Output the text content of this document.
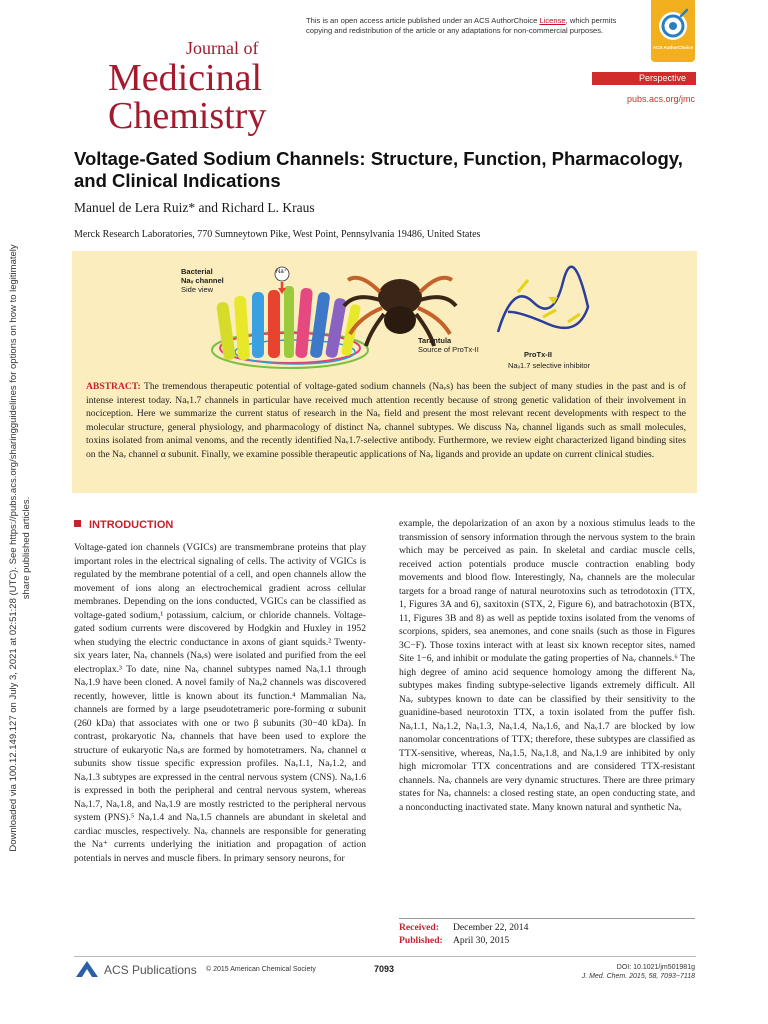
Downloaded via 100.12.149.127 on July 3, 2021 at 02:51:28 (UTC). See https://pubs.acs.org/sharingguidelines for options on how to legitimately share published articles.
This is an open access article published under an ACS AuthorChoice License, which permits copying and redistribution of the article or any adaptations for non-commercial purposes.
Journal of
Medicinal
Chemistry
ACS AuthorChoice
Perspective
pubs.acs.org/jmc
Voltage-Gated Sodium Channels: Structure, Function, Pharmacology, and Clinical Indications
Manuel de Lera Ruiz* and Richard L. Kraus
Merck Research Laboratories, 770 Sumneytown Pike, West Point, Pennsylvania 19486, United States
Bacterial
Naᵥ channel
Side view
Na⁺
Tarantula
Source of ProTx-II
ProTx-II
Naᵥ1.7 selective inhibitor
ABSTRACT: The tremendous therapeutic potential of voltage-gated sodium channels (Naᵥs) has been the subject of many studies in the past and is of intense interest today. Naᵥ1.7 channels in particular have received much attention recently because of strong genetic validation of their involvement in nociception. Here we summarize the current status of research in the Naᵥ field and present the most relevant recent developments with respect to the molecular structure, general physiology, and pharmacology of distinct Naᵥ channel subtypes. We discuss Naᵥ channel ligands such as small molecules, toxins isolated from animal venoms, and the recently identified Naᵥ1.7-selective antibody. Furthermore, we review eight characterized ligand binding sites on the Naᵥ channel α subunit. Finally, we examine possible therapeutic applications of Naᵥ ligands and provide an update on current clinical studies.
INTRODUCTION
Voltage-gated ion channels (VGICs) are transmembrane proteins that play important roles in the electrical signaling of cells. The activity of VGICs is regulated by the membrane potential of a cell, and open channels allow the movement of ions along an electrochemical gradient across cellular membranes. Depending on the ions conducted, VGICs can be classified as voltage-gated sodium,¹ potassium, calcium, or chloride channels. Voltage-gated sodium currents were discovered by Hodgkin and Huxley in 1952 when studying the electric conductance in axons of giant squids.² Twenty-six years later, Naᵥ channels (Naᵥs) were isolated and purified from the eel electroplax.³ To date, nine Naᵥ channel subtypes named Naᵥ1.1 through Naᵥ1.9 have been cloned. A novel family of Naᵥ2 channels was discovered recently, however, little is known about its function.⁴ Mammalian Naᵥ channels are formed by a large pseudotetrameric pore-forming α subunit (260 kDa) that associates with one or two β subunits (30−40 kDa). In contrast, prokaryotic Naᵥ channels that have been used to explore the structure of eukaryotic Naᵥs are formed by homotetramers. Naᵥ channel α subunits show tissue specific expression profiles. Naᵥ1.1, Naᵥ1.2, and Naᵥ1.3 subtypes are expressed in the central nervous system (CNS). Naᵥ1.6 is expressed in both the peripheral and central nervous system, whereas Naᵥ1.7, Naᵥ1.8, and Naᵥ1.9 are mostly restricted to the peripheral nervous system (PNS).⁵ Naᵥ1.4 and Naᵥ1.5 channels are abundant in skeletal and cardiac muscles, respectively. Naᵥ channels are responsible for generating the Na⁺ currents underlying the initiation and propagation of action potentials in nerves and muscle fibers. In primary sensory neurons, for
example, the depolarization of an axon by a noxious stimulus leads to the transmission of sensory information through the nervous system to the brain which may be perceived as pain. In skeletal and cardiac muscle cells, received action potentials produce muscle contraction enabling body movements and blood flow. Interestingly, Naᵥ channels are the molecular targets for a broad range of natural neurotoxins such as tetrodotoxin (TTX, 1, Figures 3A and 6), saxitoxin (STX, 2, Figure 6), and batrachotoxin (BTX, 11, Figures 3B and 8) as well as peptide toxins isolated from the venoms of scorpions, spiders, sea anemones, and cone snails (such as those in Figures 3C−F). Those toxins interact with at least six known receptor sites, named Site 1−6, and inhibit or modulate the gating properties of Naᵥ channels.⁶ The high degree of amino acid sequence homology among the different Naᵥ subtypes makes finding subtype-selective ligands extremely difficult. All Naᵥ subtypes known to date can be classified by their sensitivity to the guanidine-based neurotoxin TTX, a toxin isolated from the puffer fish. Naᵥ1.1, Naᵥ1.2, Naᵥ1.3, Naᵥ1.4, Naᵥ1.6, and Naᵥ1.7 are blocked by low nanomolar concentrations of TTX; therefore, these subtypes are classified as TTX-sensitive, whereas, Naᵥ1.5, Naᵥ1.8, and Naᵥ1.9 are inhibited by only high micromolar TTX concentrations and are considered TTX-resistant channels. Naᵥ channels are very dynamic structures. There are three primary states for Naᵥ channels: a closed resting state, an open conducting state, and a nonconducting inactivated state. Many known natural and synthetic Naᵥ
Received: December 22, 2014
Published: April 30, 2015
ACS Publications © 2015 American Chemical Society	7093	DOI: 10.1021/jm501981g
J. Med. Chem. 2015, 58, 7093−7118
